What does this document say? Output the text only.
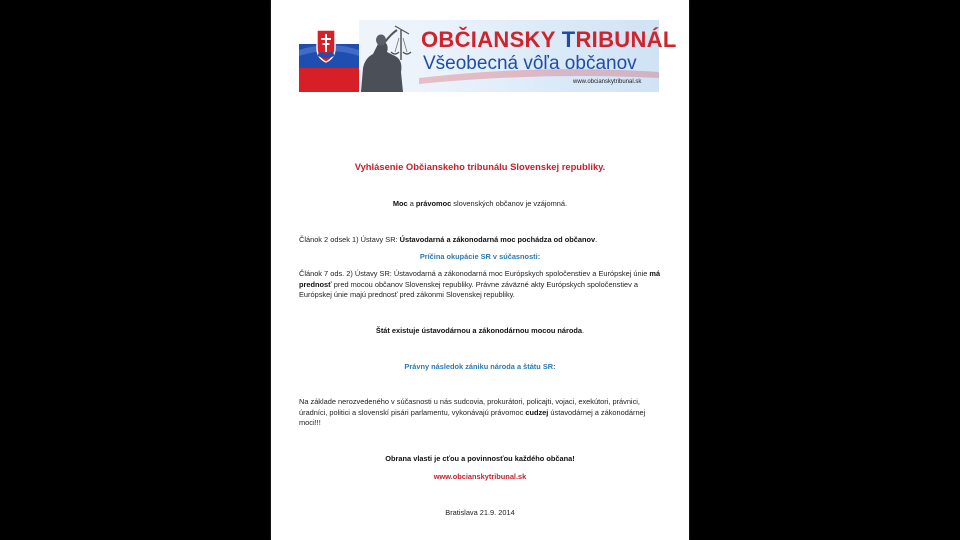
OBČIANSKY TRIBUNÁL
Všeobecná vôľa občanov
www.obcianskytribunal.sk
Vyhlásenie Občianskeho tribunálu Slovenskej republiky.
Moc a právomoc slovenských občanov je vzájomná.
Článok 2 odsek 1) Ústavy SR: Ústavodarná a zákonodarná moc pochádza od občanov.
Príčina okupácie SR v súčasnosti:
Článok 7 ods. 2) Ústavy SR: Ústavodarná a zákonodarná moc Európskych spoločenstiev a Európskej únie má prednosť pred mocou občanov Slovenskej republiky. Právne záväzné akty Európskych spoločenstiev a Európskej únie majú prednosť pred zákonmi Slovenskej republiky.
Štát existuje ústavodárnou a zákonodárnou mocou národa.
Právny následok zániku národa a štátu SR:
Na základe nerozvedeného v súčasnosti u nás sudcovia, prokurátori, policajti, vojaci, exekútori, právnici, úradníci, politici a slovenskí pisári parlamentu, vykonávajú právomoc cudzej ústavodárnej a zákonodárnej moci!!!
Obrana vlasti je cťou a povinnosťou každého občana!
www.obcianskytribunal.sk
Bratislava 21.9. 2014
